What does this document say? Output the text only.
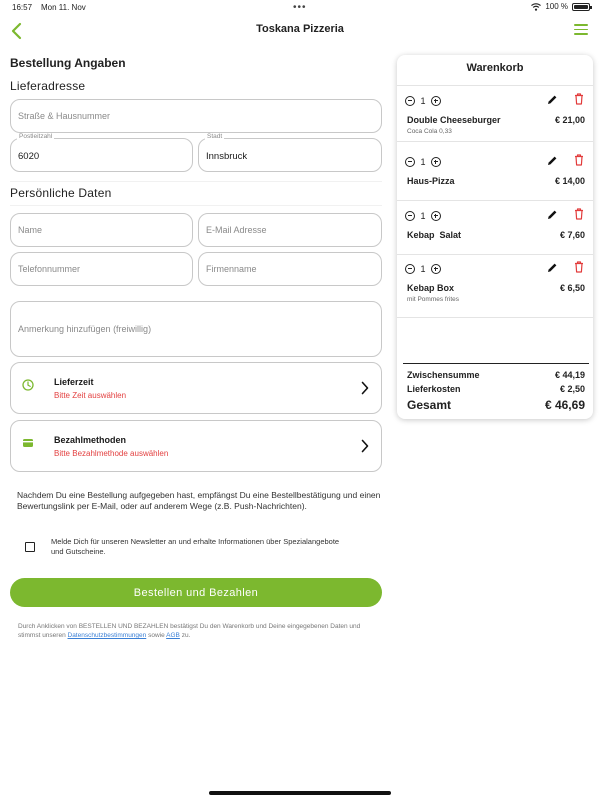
16:57 Mon 11. Nov	•••	100 %
Toskana Pizzeria
Bestellung Angaben
Lieferadresse
Straße & Hausnummer
Postleitzahl
6020
Stadt
Innsbruck
Persönliche Daten
Name	E-Mail Adresse
Telefonnummer	Firmenname
Anmerkung hinzufügen (freiwillig)
Lieferzeit
Bitte Zeit auswählen
Bezahlmethoden
Bitte Bezahlmethode auswählen
Nachdem Du eine Bestellung aufgegeben hast, empfängst Du eine Bestellbestätigung und einen Bewertungslink per E-Mail, oder auf anderem Wege (z.B. Push-Nachrichten).
Melde Dich für unseren Newsletter an und erhalte Informationen über Spezialangebote und Gutscheine.
Bestellen und Bezahlen
Durch Anklicken von BESTELLEN UND BEZAHLEN bestätigst Du den Warenkorb und Deine eingegebenen Daten und stimmst unseren Datenschutzbestimmungen sowie AGB zu.
Warenkorb
1
Double Cheeseburger	€ 21,00
Coca Cola 0,33
1
Haus-Pizza	€ 14,00
1
Kebap  Salat	€ 7,60
1
Kebap Box	€ 6,50
mit Pommes frites
Zwischensumme	€ 44,19
Lieferkosten	€ 2,50
Gesamt	€ 46,69
